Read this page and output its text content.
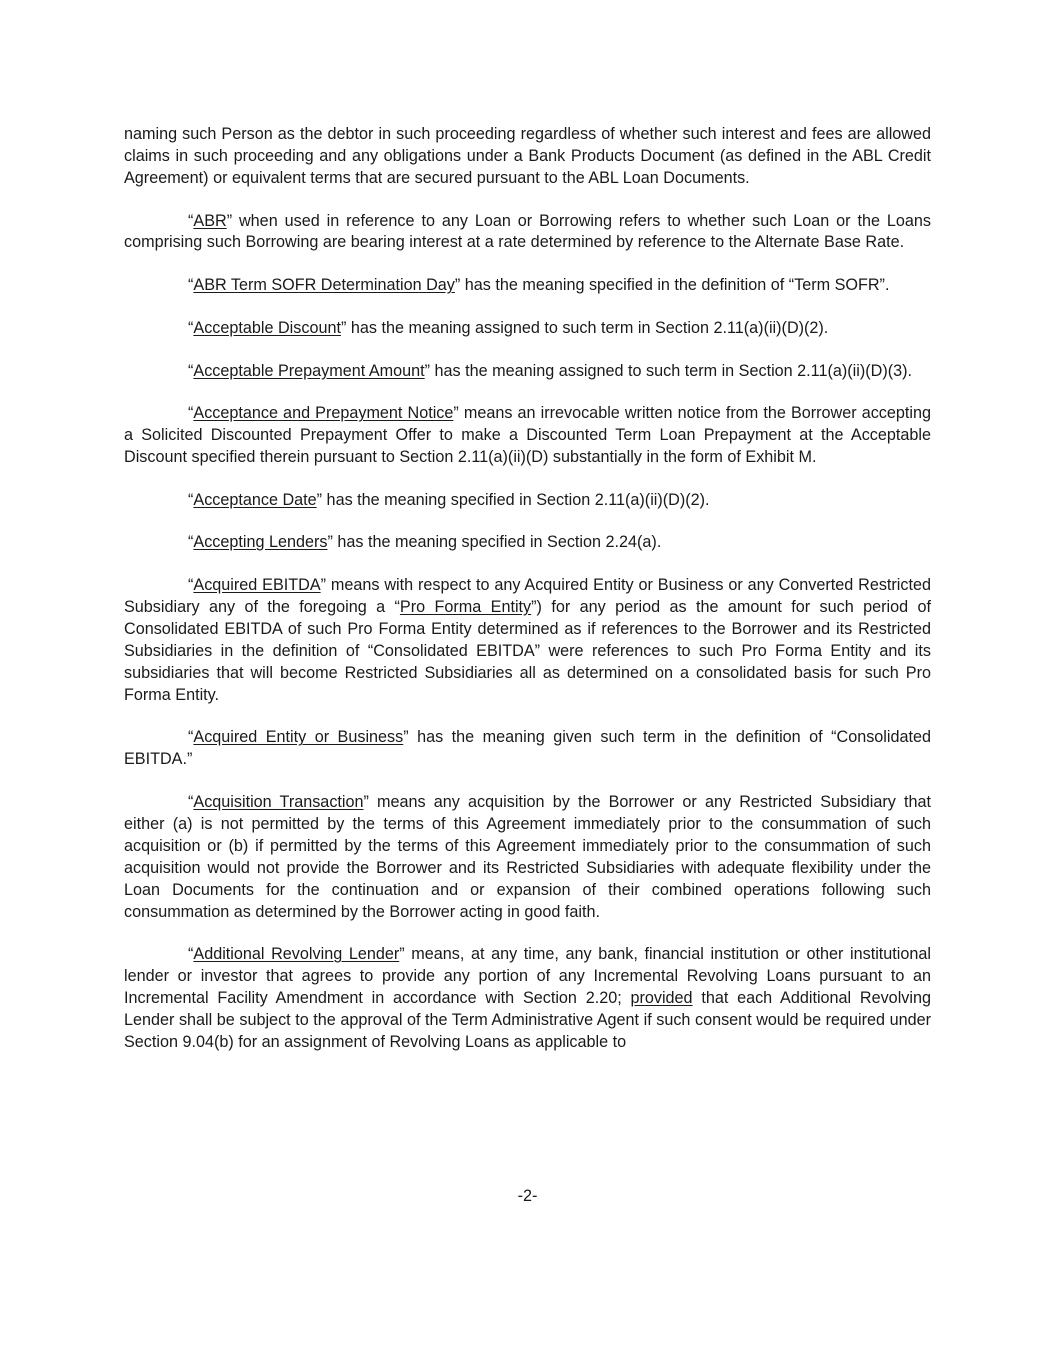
naming such Person as the debtor in such proceeding regardless of whether such interest and fees are allowed claims in such proceeding and any obligations under a Bank Products Document (as defined in the ABL Credit Agreement) or equivalent terms that are secured pursuant to the ABL Loan Documents.

“ABR” when used in reference to any Loan or Borrowing refers to whether such Loan or the Loans comprising such Borrowing are bearing interest at a rate determined by reference to the Alternate Base Rate.

“ABR Term SOFR Determination Day” has the meaning specified in the definition of “Term SOFR”.

“Acceptable Discount” has the meaning assigned to such term in Section 2.11(a)(ii)(D)(2).

“Acceptable Prepayment Amount” has the meaning assigned to such term in Section 2.11(a)(ii)(D)(3).

“Acceptance and Prepayment Notice” means an irrevocable written notice from the Borrower accepting a Solicited Discounted Prepayment Offer to make a Discounted Term Loan Prepayment at the Acceptable Discount specified therein pursuant to Section 2.11(a)(ii)(D) substantially in the form of Exhibit M.

“Acceptance Date” has the meaning specified in Section 2.11(a)(ii)(D)(2).

“Accepting Lenders” has the meaning specified in Section 2.24(a).

“Acquired EBITDA” means with respect to any Acquired Entity or Business or any Converted Restricted Subsidiary any of the foregoing a “Pro Forma Entity”) for any period as the amount for such period of Consolidated EBITDA of such Pro Forma Entity determined as if references to the Borrower and its Restricted Subsidiaries in the definition of “Consolidated EBITDA” were references to such Pro Forma Entity and its subsidiaries that will become Restricted Subsidiaries all as determined on a consolidated basis for such Pro Forma Entity.

“Acquired Entity or Business” has the meaning given such term in the definition of “Consolidated EBITDA.”

“Acquisition Transaction” means any acquisition by the Borrower or any Restricted Subsidiary that either (a) is not permitted by the terms of this Agreement immediately prior to the consummation of such acquisition or (b) if permitted by the terms of this Agreement immediately prior to the consummation of such acquisition would not provide the Borrower and its Restricted Subsidiaries with adequate flexibility under the Loan Documents for the continuation and or expansion of their combined operations following such consummation as determined by the Borrower acting in good faith.

“Additional Revolving Lender” means, at any time, any bank, financial institution or other institutional lender or investor that agrees to provide any portion of any Incremental Revolving Loans pursuant to an Incremental Facility Amendment in accordance with Section 2.20; provided that each Additional Revolving Lender shall be subject to the approval of the Term Administrative Agent if such consent would be required under Section 9.04(b) for an assignment of Revolving Loans as applicable to

-2-
